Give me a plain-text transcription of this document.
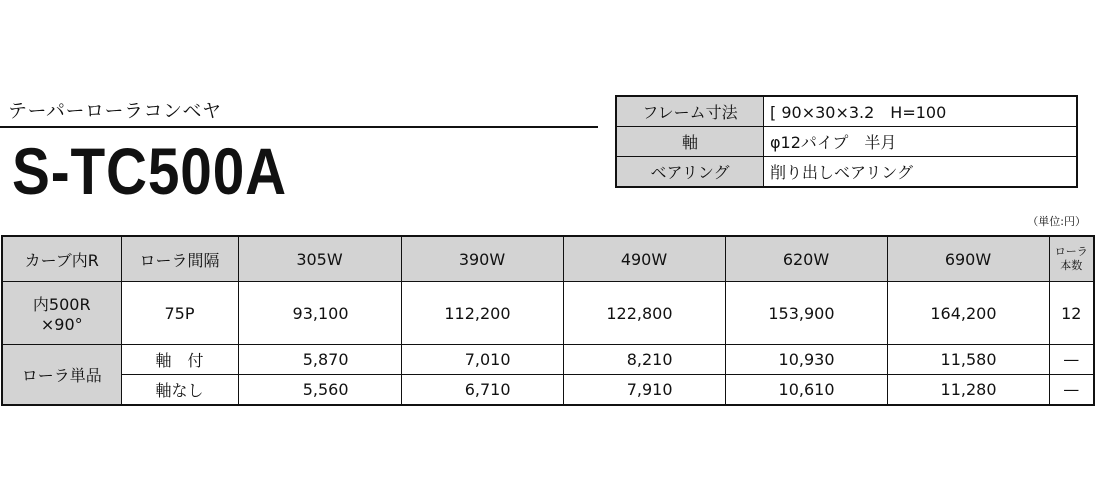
テーパーローラコンベヤ
S-TC500A
フレーム寸法	[ 90×30×3.2　H=100
軸	φ12パイプ　半月
ベアリング	削り出しベアリング
（単位:円）
カーブ内R	ローラ間隔	305W	390W	490W	620W	690W	ローラ
本数
内500R
×90°	75P	93,100	112,200	122,800	153,900	164,200	12
ローラ単品	軸　付	5,870	7,010	8,210	10,930	11,580	—
	軸なし	5,560	6,710	7,910	10,610	11,280	—
